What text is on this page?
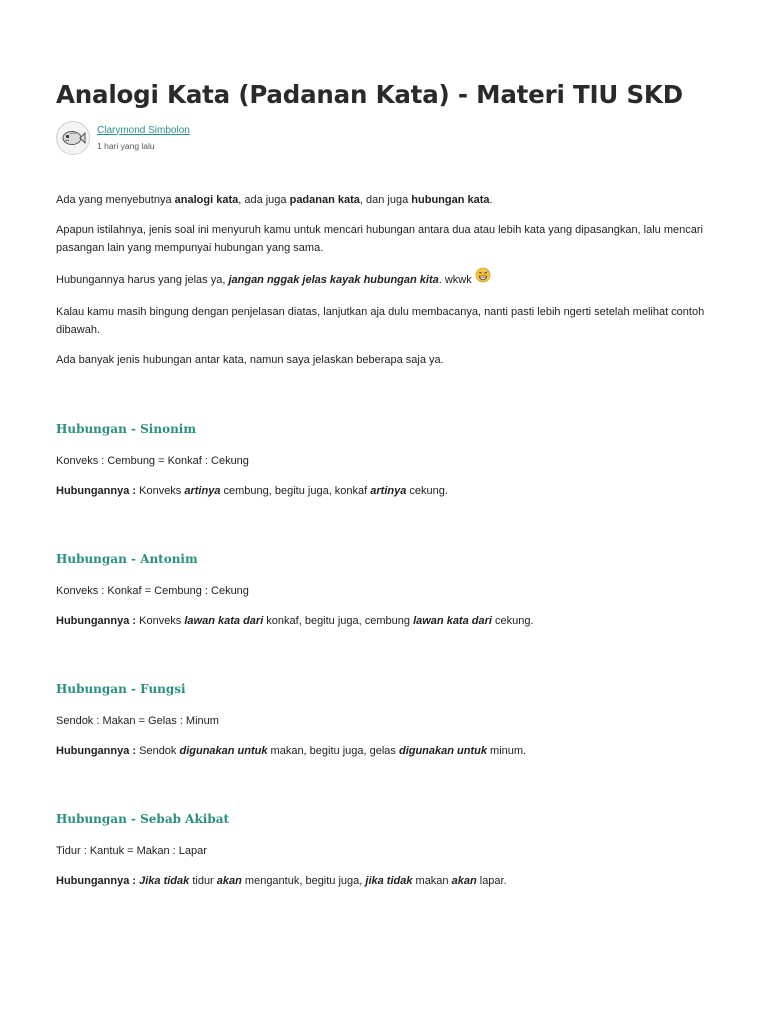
Analogi Kata (Padanan Kata) - Materi TIU SKD
Clarymond Simbolon
1 hari yang lalu

Ada yang menyebutnya analogi kata, ada juga padanan kata, dan juga hubungan kata.

Apapun istilahnya, jenis soal ini menyuruh kamu untuk mencari hubungan antara dua atau lebih kata yang dipasangkan, lalu mencari pasangan lain yang mempunyai hubungan yang sama.

Hubungannya harus yang jelas ya, jangan nggak jelas kayak hubungan kita. wkwk

Kalau kamu masih bingung dengan penjelasan diatas, lanjutkan aja dulu membacanya, nanti pasti lebih ngerti setelah melihat contoh dibawah.

Ada banyak jenis hubungan antar kata, namun saya jelaskan beberapa saja ya.

Hubungan - Sinonim

Konveks : Cembung = Konkaf : Cekung

Hubungannya : Konveks artinya cembung, begitu juga, konkaf artinya cekung.

Hubungan - Antonim

Konveks : Konkaf = Cembung : Cekung

Hubungannya : Konveks lawan kata dari konkaf, begitu juga, cembung lawan kata dari cekung.

Hubungan - Fungsi

Sendok : Makan = Gelas : Minum

Hubungannya : Sendok digunakan untuk makan, begitu juga, gelas digunakan untuk minum.

Hubungan - Sebab Akibat

Tidur : Kantuk = Makan : Lapar

Hubungannya : Jika tidak tidur akan mengantuk, begitu juga, jika tidak makan akan lapar.
